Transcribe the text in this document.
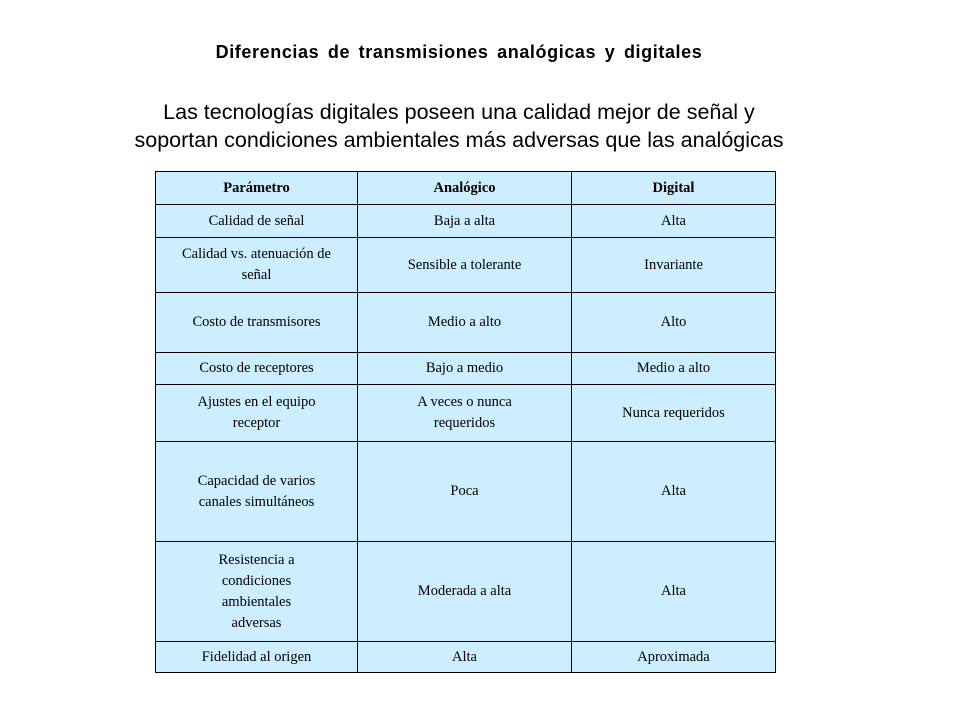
Diferencias de transmisiones analógicas y digitales
Las tecnologías digitales poseen una calidad mejor de señal y
soportan condiciones ambientales más adversas que las analógicas
Parámetro	Analógico	Digital
Calidad de señal	Baja a alta	Alta
Calidad vs. atenuación de señal	Sensible a tolerante	Invariante
Costo de transmisores	Medio a alto	Alto
Costo de receptores	Bajo a medio	Medio a alto
Ajustes en el equipo receptor	A veces o nunca requeridos	Nunca requeridos
Capacidad de varios canales simultáneos	Poca	Alta
Resistencia a condiciones ambientales adversas	Moderada a alta	Alta
Fidelidad al origen	Alta	Aproximada
